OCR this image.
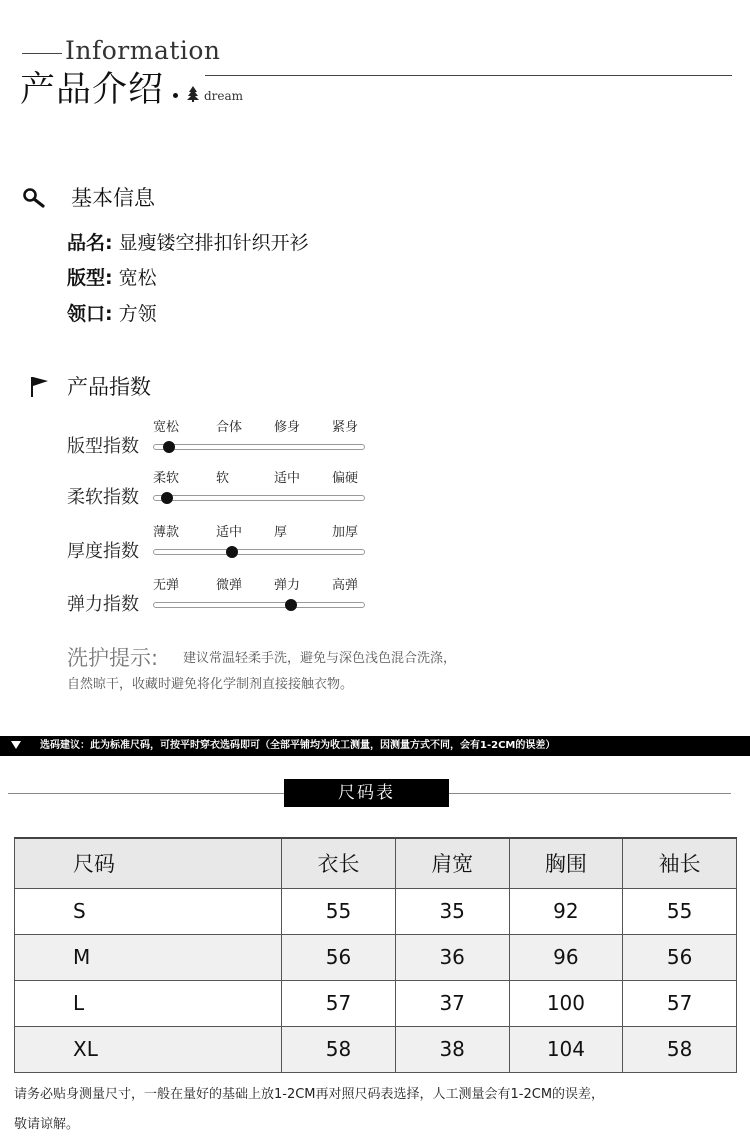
Information
产品介绍	dream
基本信息
品名: 显瘦镂空排扣针织开衫
版型: 宽松
领口: 方领
产品指数
宽松	合体 修身 紧身
版型指数
柔软	软	适中 偏硬
柔软指数
薄款	适中 厚	加厚
厚度指数
无弹	微弹 弹力 高弹
弹力指数
洗护提示: 建议常温轻柔手洗，避免与深色浅色混合洗涤，
自然晾干，收藏时避免将化学制剂直接接触衣物。
选码建议：此为标准尺码，可按平时穿衣选码即可（全部平铺均为收工测量，因测量方式不同，会有1-2CM的误差）
尺码表
尺码	衣长	肩宽	胸围	袖长
S	55	35	92	55
M	56	36	96	56
L	57	37	100	57
XL	58	38	104	58
请务必贴身测量尺寸，一般在量好的基础上放1-2CM再对照尺码表选择，人工测量会有1-2CM的误差，
敬请谅解。
